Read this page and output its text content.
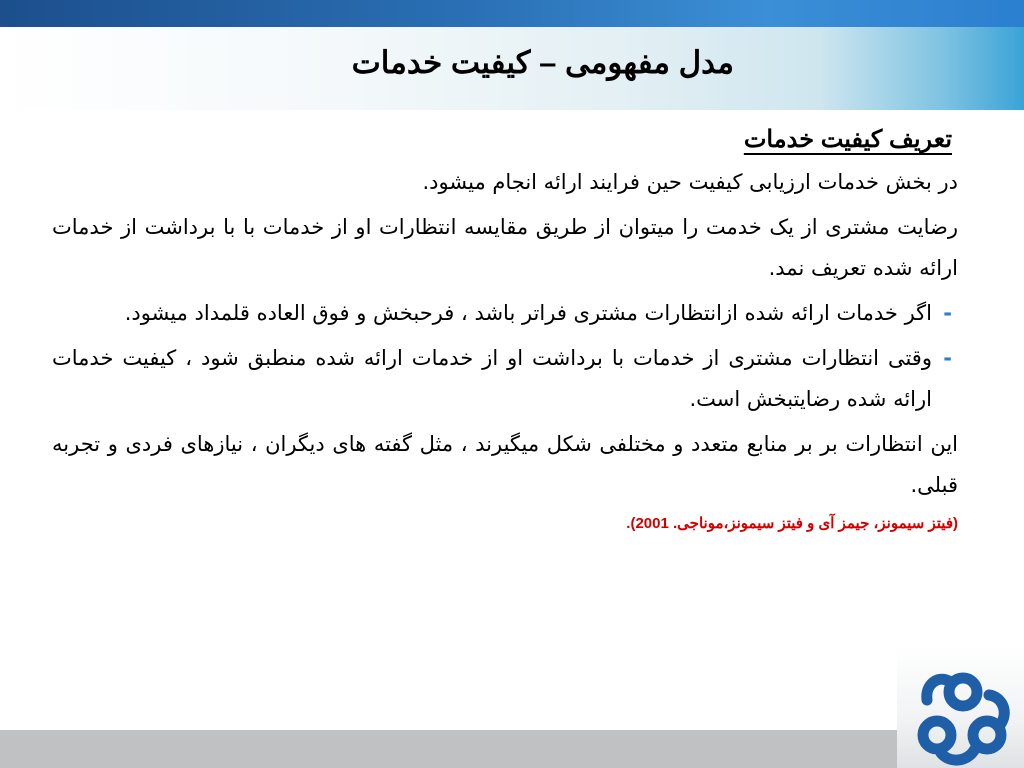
مدل مفهومی – کیفیت خدمات
تعریف کیفیت خدمات

در بخش خدمات ارزیابی کیفیت حین فرایند ارائه انجام میشود.

رضایت مشتری از یک خدمت را میتوان از طریق مقایسه انتظارات او از خدمات با با برداشت از خدمات ارائه شده تعریف نمد.

-
اگر خدمات ارائه شده ازانتظارات مشتری فراتر باشد ، فرحبخش و فوق العاده قلمداد میشود.
-
وقتی انتظارات مشتری از خدمات با برداشت او از خدمات ارائه شده منطبق شود ، کیفیت خدمات ارائه شده رضایتبخش است.

این انتظارات بر بر منابع متعدد و مختلفی شکل میگیرند ، مثل گفته های دیگران ، نیازهای فردی و تجربه قبلی.

(فیتز سیمونز، جیمز آی و فیتز سیمونز،موناجی. 2001).
